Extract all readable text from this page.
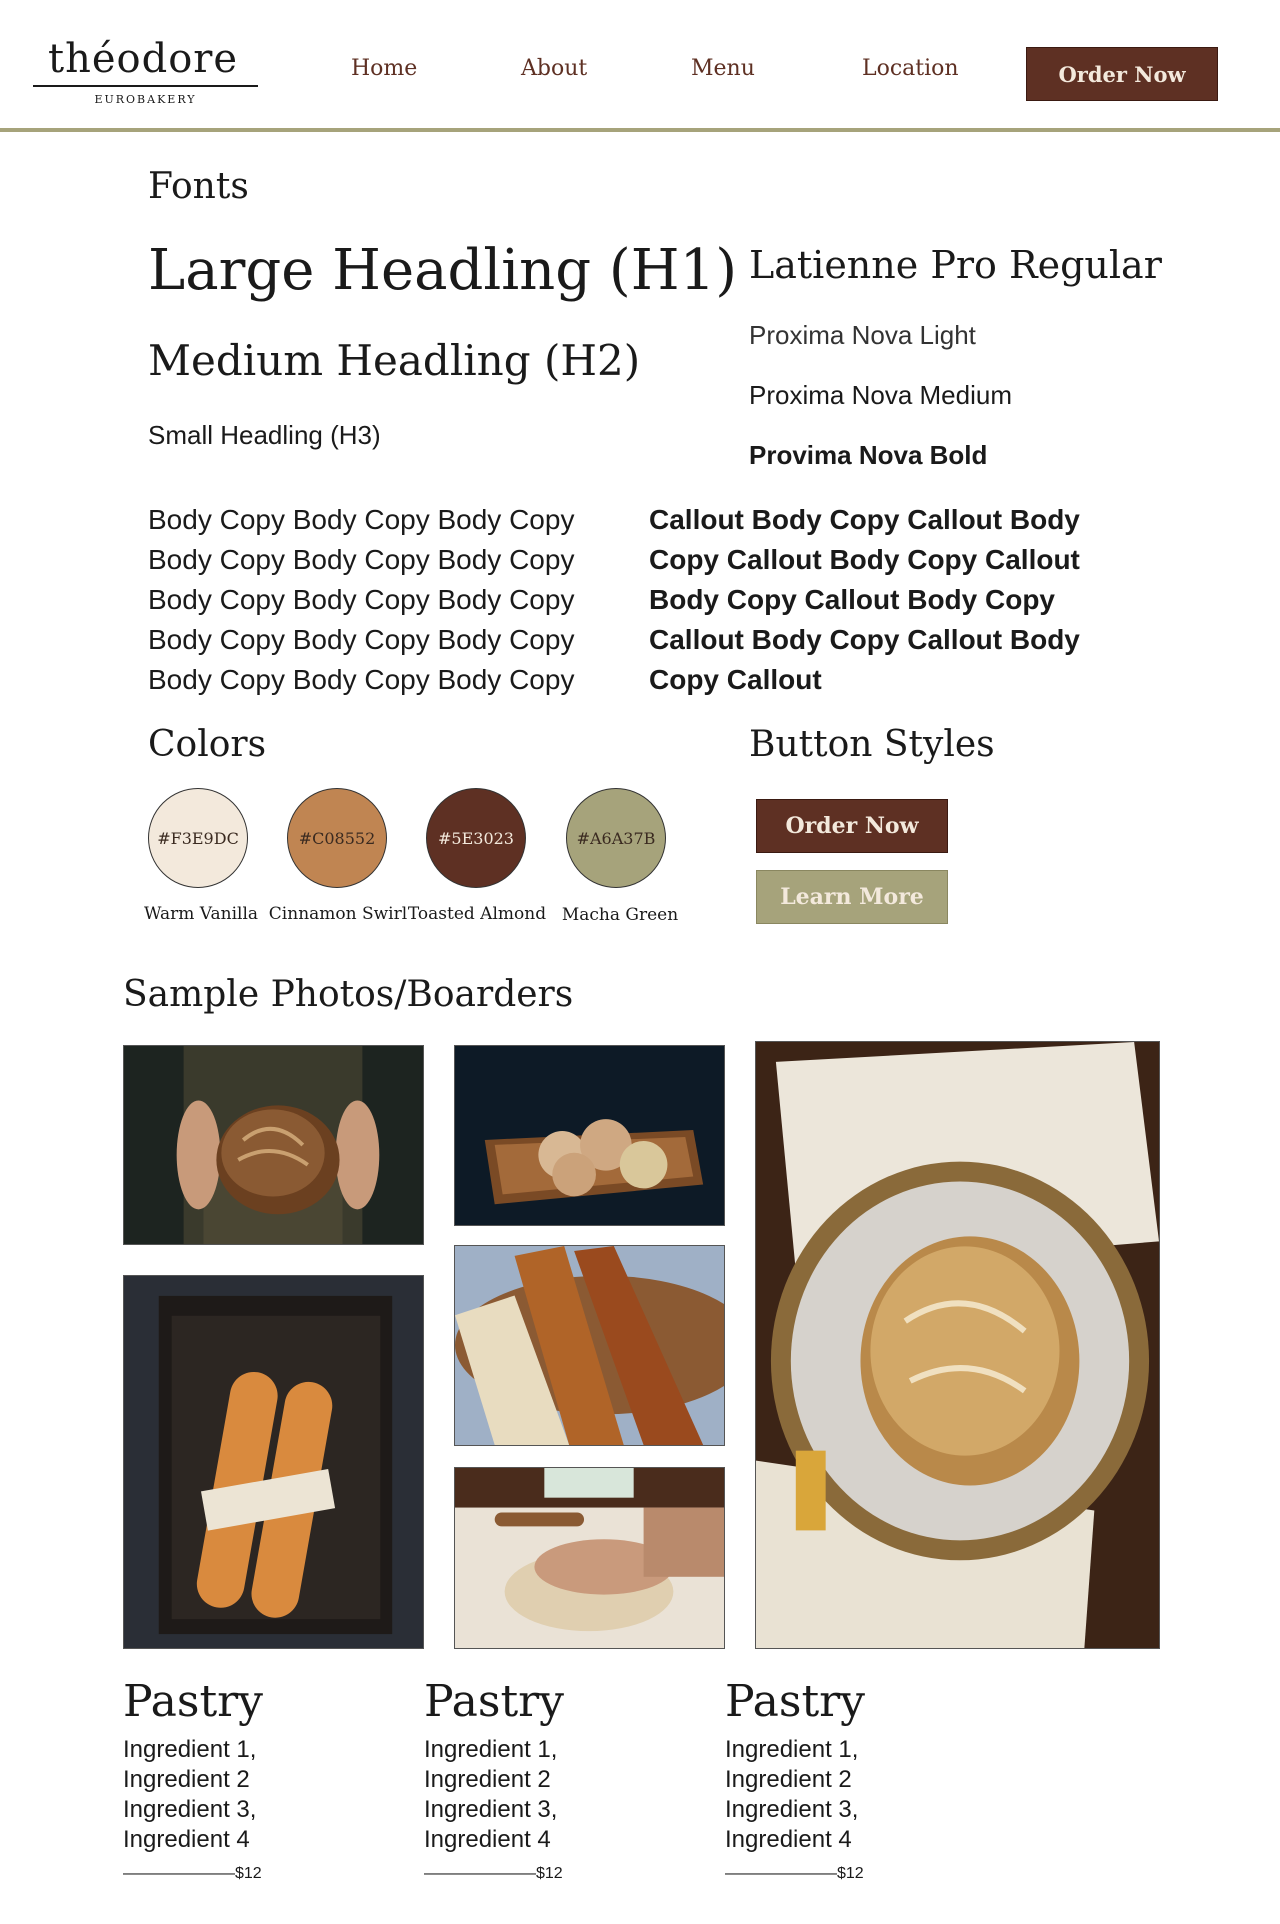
théodore
EUROBAKERY
Home	About	Menu	Location	Order Now
Fonts
Large Headling (H1)
Medium Headling (H2)
Small Headling (H3)
Latienne Pro Regular
Proxima Nova Light
Proxima Nova Medium
Provima Nova Bold
Body Copy Body Copy Body Copy Body Copy Body Copy Body Copy Body Copy Body Copy Body Copy Body Copy Body Copy Body Copy Body Copy Body Copy Body Copy
Callout Body Copy Callout Body Copy Callout Body Copy Callout Body Copy Callout Body Copy Callout Body Copy Callout Body Copy Callout
Colors
#F3E9DC	#C08552	#5E3023	#A6A37B
Warm Vanilla Cinnamon Swirl Toasted Almond Macha Green
Button Styles
Order Now
Learn More
Sample Photos/Boarders
Pastry
Ingredient 1,
Ingredient 2
Ingredient 3,
Ingredient 4
———————$12
Pastry
Ingredient 1,
Ingredient 2
Ingredient 3,
Ingredient 4
———————$12
Pastry
Ingredient 1,
Ingredient 2
Ingredient 3,
Ingredient 4
———————$12
